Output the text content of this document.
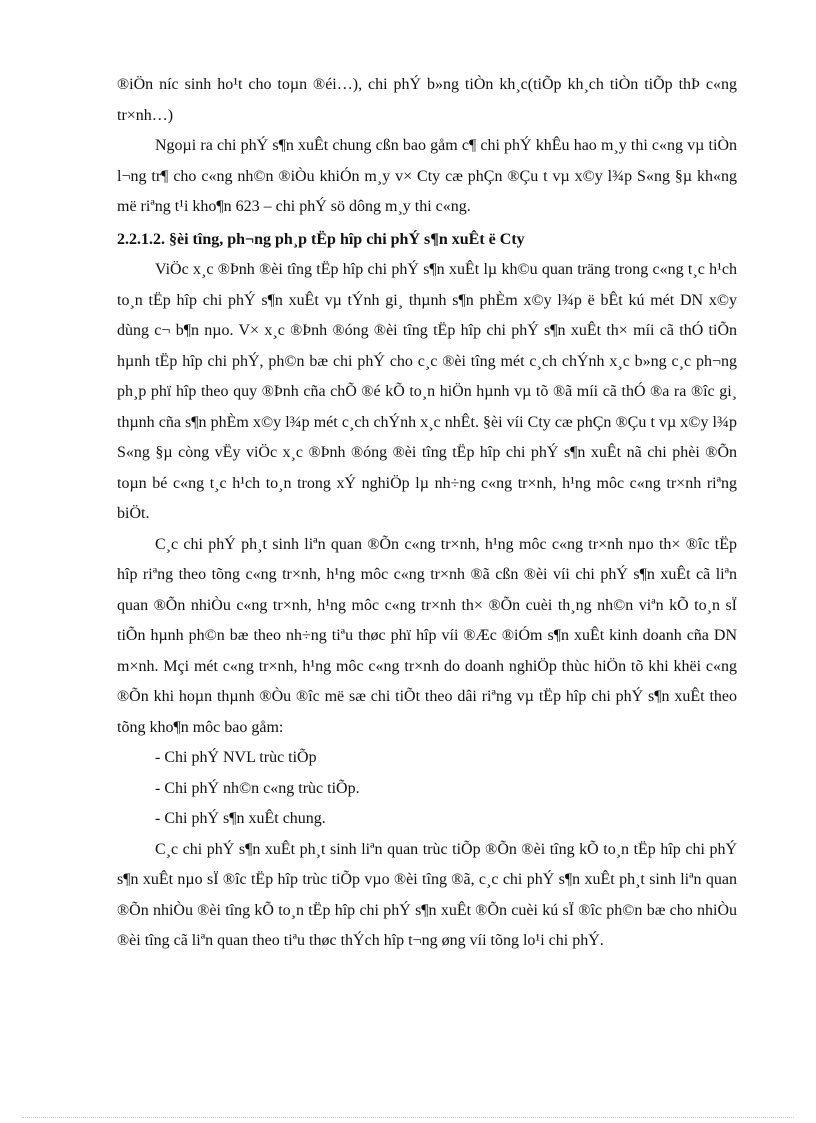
®iÖn níc sinh ho¹t cho toµn ®éi…), chi phÝ b»ng tiÒn kh¸c(tiÕp kh¸ch tiÒn tiÕp thÞ c«ng tr×nh…)

Ngoµi ra chi phÝ s¶n xuÊt chung cßn bao gåm c¶ chi phÝ khÊu hao m¸y thi c«ng vµ tiÒn l¬ng tr¶ cho c«ng nh©n ®iÒu khiÓn m¸y v× Cty cæ phÇn ®Çu t vµ x©y l¾p S«ng §µ kh«ng më riªng t¹i kho¶n 623 – chi phÝ sö dông m¸y thi c«ng.

2.2.1.2. §èi tîng, ph¬ng ph¸p tËp hîp chi phÝ s¶n xuÊt ë Cty

ViÖc x¸c ®Þnh ®èi tîng tËp hîp chi phÝ s¶n xuÊt lµ kh©u quan träng trong c«ng t¸c h¹ch to¸n tËp hîp chi phÝ s¶n xuÊt vµ tÝnh gi¸ thµnh s¶n phÈm x©y l¾p ë bÊt kú mét DN x©y dùng c¬ b¶n nµo. V× x¸c ®Þnh ®óng ®èi tîng tËp hîp chi phÝ s¶n xuÊt th× míi cã thÓ tiÕn hµnh tËp hîp chi phÝ, ph©n bæ chi phÝ cho c¸c ®èi tîng mét c¸ch chÝnh x¸c b»ng c¸c ph¬ng ph¸p phï hîp theo quy ®Þnh cña chÕ ®é kÕ to¸n hiÖn hµnh vµ tõ ®ã míi cã thÓ ®a ra ®îc gi¸ thµnh cña s¶n phÈm x©y l¾p mét c¸ch chÝnh x¸c nhÊt. §èi víi Cty cæ phÇn ®Çu t vµ x©y l¾p S«ng §µ còng vËy viÖc x¸c ®Þnh ®óng ®èi tîng tËp hîp chi phÝ s¶n xuÊt nã chi phèi ®Õn toµn bé c«ng t¸c h¹ch to¸n trong xÝ nghiÖp lµ nh÷ng c«ng tr×nh, h¹ng môc c«ng tr×nh riªng biÖt.

C¸c chi phÝ ph¸t sinh liªn quan ®Õn c«ng tr×nh, h¹ng môc c«ng tr×nh nµo th× ®îc tËp hîp riªng theo tõng c«ng tr×nh, h¹ng môc c«ng tr×nh ®ã cßn ®èi víi chi phÝ s¶n xuÊt cã liªn quan ®Õn nhiÒu c«ng tr×nh, h¹ng môc c«ng tr×nh th× ®Õn cuèi th¸ng nh©n viªn kÕ to¸n sÏ tiÕn hµnh ph©n bæ theo nh÷ng tiªu thøc phï hîp víi ®Æc ®iÓm s¶n xuÊt kinh doanh cña DN m×nh. Mçi mét c«ng tr×nh, h¹ng môc c«ng tr×nh do doanh nghiÖp thùc hiÖn tõ khi khëi c«ng ®Õn khi hoµn thµnh ®Òu ®îc më sæ chi tiÕt theo dâi riªng vµ tËp hîp chi phÝ s¶n xuÊt theo tõng kho¶n môc bao gåm:

- Chi phÝ NVL trùc tiÕp

- Chi phÝ nh©n c«ng trùc tiÕp.

- Chi phÝ s¶n xuÊt chung.

C¸c chi phÝ s¶n xuÊt ph¸t sinh liªn quan trùc tiÕp ®Õn ®èi tîng kÕ to¸n tËp hîp chi phÝ s¶n xuÊt nµo sÏ ®îc tËp hîp trùc tiÕp vµo ®èi tîng ®ã, c¸c chi phÝ s¶n xuÊt ph¸t sinh liªn quan ®Õn nhiÒu ®èi tîng kÕ to¸n tËp hîp chi phÝ s¶n xuÊt ®Õn cuèi kú sÏ ®îc ph©n bæ cho nhiÒu ®èi tîng cã liªn quan theo tiªu thøc thÝch hîp t¬ng øng víi tõng lo¹i chi phÝ.
